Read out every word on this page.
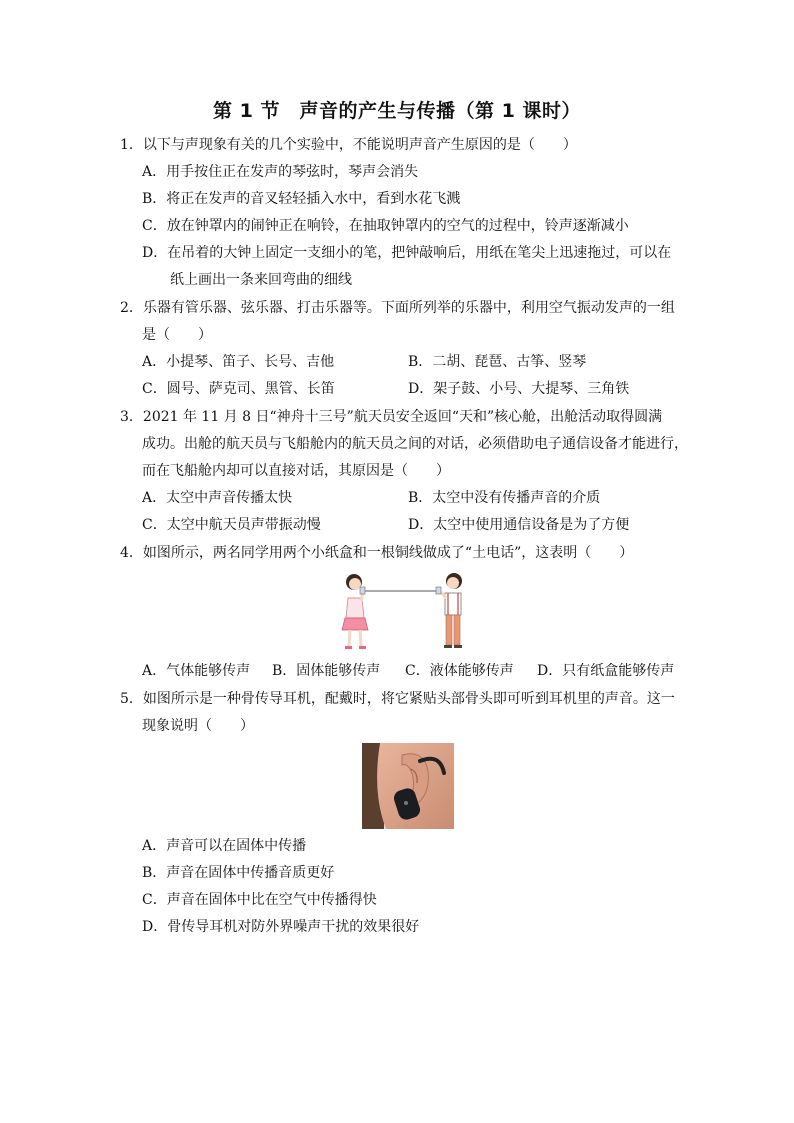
第 1 节　声音的产生与传播（第 1 课时）
1．以下与声现象有关的几个实验中，不能说明声音产生原因的是（　　）
A．用手按住正在发声的琴弦时，琴声会消失
B．将正在发声的音叉轻轻插入水中，看到水花飞溅
C．放在钟罩内的闹钟正在响铃，在抽取钟罩内的空气的过程中，铃声逐渐减小
D．在吊着的大钟上固定一支细小的笔，把钟敲响后，用纸在笔尖上迅速拖过，可以在
纸上画出一条来回弯曲的细线
2．乐器有管乐器、弦乐器、打击乐器等。下面所列举的乐器中，利用空气振动发声的一组
是（　　）
A．小提琴、笛子、长号、吉他	B．二胡、琵琶、古筝、竖琴
C．圆号、萨克司、黑管、长笛	D．架子鼓、小号、大提琴、三角铁
3．2021 年 11 月 8 日“神舟十三号”航天员安全返回“天和”核心舱，出舱活动取得圆满
成功。出舱的航天员与飞船舱内的航天员之间的对话，必须借助电子通信设备才能进行，
而在飞船舱内却可以直接对话，其原因是（　　）
A．太空中声音传播太快	B．太空中没有传播声音的介质
C．太空中航天员声带振动慢	D．太空中使用通信设备是为了方便
4．如图所示，两名同学用两个小纸盒和一根铜线做成了“土电话”，这表明（　　）
A．气体能够传声 B．固体能够传声 C．液体能够传声 D．只有纸盒能够传声
5．如图所示是一种骨传导耳机，配戴时，将它紧贴头部骨头即可听到耳机里的声音。这一
现象说明（　　）
A．声音可以在固体中传播
B．声音在固体中传播音质更好
C．声音在固体中比在空气中传播得快
D．骨传导耳机对防外界噪声干扰的效果很好
